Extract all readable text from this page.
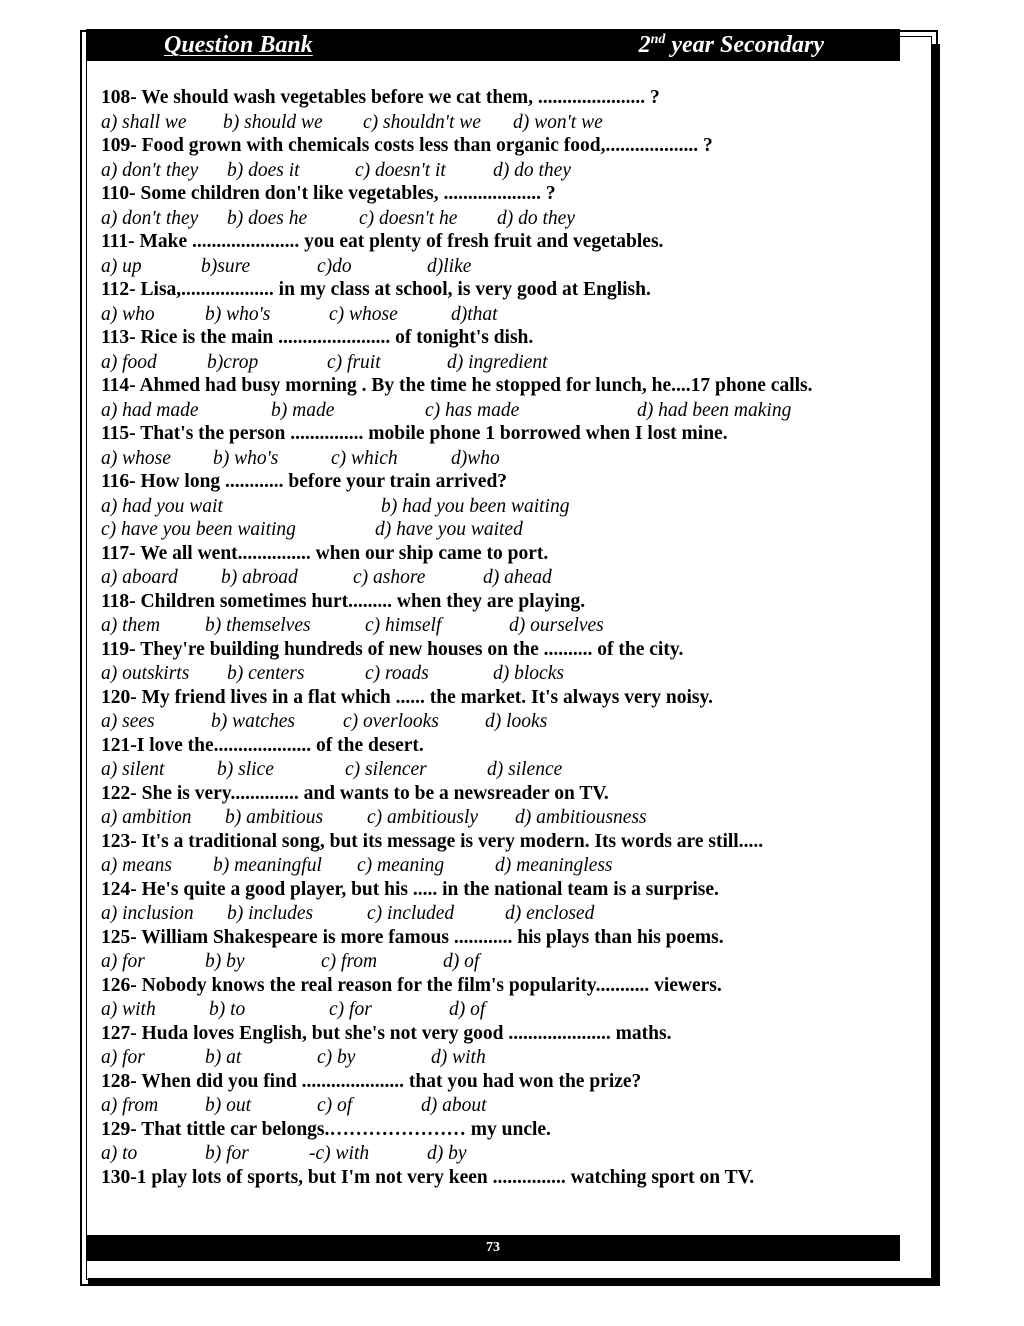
Question Bank	2nd year Secondary
108- We should wash vegetables before we cat them, ...................... ?
a) shall we b) should we c) shouldn't we d) won't we
109- Food grown with chemicals costs less than organic food,................... ?
a) don't they b) does it	c) doesn't it d) do they
110- Some children don't like vegetables, .................... ?
a) don't they b) does he	c) doesn't he d) do they
111- Make ...................... you eat plenty of fresh fruit and vegetables.
a) up	b)sure	c)do	d)like
112- Lisa,................... in my class at school, is very good at English.
a) who	b) who's	c) whose	d)that
113- Rice is the main ....................... of tonight's dish.
a) food	b)crop	c) fruit	d) ingredient
114- Ahmed had busy morning . By the time he stopped for lunch, he....17 phone calls.
a) had made	b) made	c) has made	d) had been making
115- That's the person ............... mobile phone 1 borrowed when I lost mine.
a) whose b) who's	c) which	d)who
116- How long ............ before your train arrived?
a) had you wait	b) had you been waiting
c) have you been waiting	d) have you waited
117- We all went............... when our ship came to port.
a) aboard b) abroad	c) ashore	d) ahead
118- Children sometimes hurt......... when they are playing.
a) them b) themselves	c) himself	d) ourselves
119- They're building hundreds of new houses on the .......... of the city.
a) outskirts b) centers	c) roads	d) blocks
120- My friend lives in a flat which ...... the market. It's always very noisy.
a) sees	b) watches c) overlooks d) looks
121-I love the.................... of the desert.
a) silent	b) slice	c) silencer	d) silence
122- She is very.............. and wants to be a newsreader on TV.
a) ambition b) ambitious c) ambitiously d) ambitiousness
123- It's a traditional song, but its message is very modern. Its words are still.....
a) means b) meaningful c) meaning	d) meaningless
124- He's quite a good player, but his ..... in the national team is a surprise.
a) inclusion b) includes	c) included	d) enclosed
125- William Shakespeare is more famous ............ his plays than his poems.
a) for	b) by	c) from	d) of
126- Nobody knows the real reason for the film's popularity........... viewers.
a) with	b) to	c) for	d) of
127- Huda loves English, but she's not very good ..................... maths.
a) for	b) at	c) by	d) with
128- When did you find ..................... that you had won the prize?
a) from b) out	c) of	d) about
129- That tittle car belongs.………………… my uncle.
a) to	b) for	-c) with	d) by
130-1 play lots of sports, but I'm not very keen ............... watching sport on TV.
73
